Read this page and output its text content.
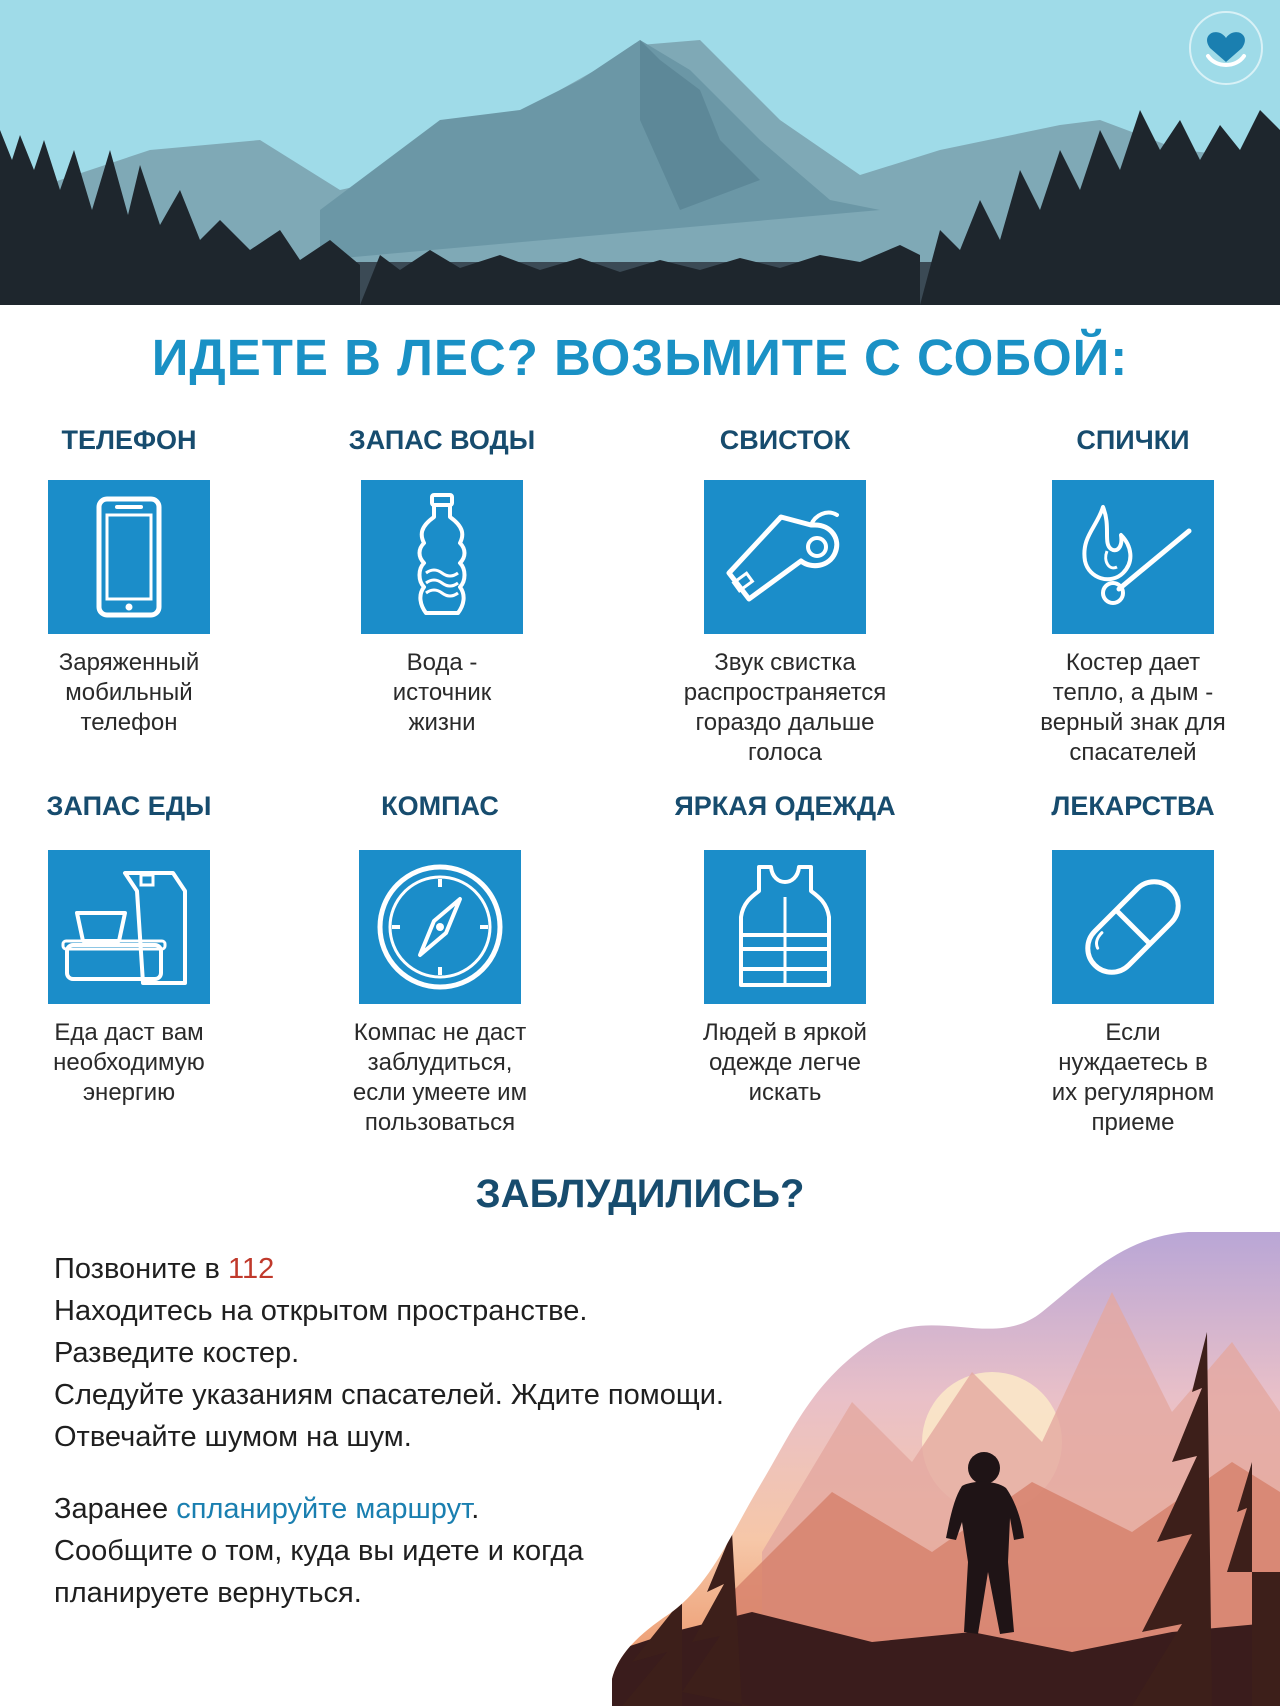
ИДЕТЕ В ЛЕС? ВОЗЬМИТЕ С СОБОЙ:
ТЕЛЕФОН
Заряженный
мобильный
телефон
ЗАПАС ВОДЫ
Вода -
источник
жизни
СВИСТОК
Звук свистка
распространяется
гораздо дальше
голоса
СПИЧКИ
Костер дает
тепло, а дым -
верный знак для
спасателей
ЗАПАС ЕДЫ
Еда даст вам
необходимую
энергию
КОМПАС
Компас не даст
заблудиться,
если умеете им
пользоваться
ЯРКАЯ ОДЕЖДА
Людей в яркой
одежде легче
искать
ЛЕКАРСТВА
Если
нуждаетесь в
их регулярном
приеме
ЗАБЛУДИЛИСЬ?
Позвоните в 112
Находитесь на открытом пространстве.
Разведите костер.
Следуйте указаниям спасателей. Ждите помощи.
Отвечайте шумом на шум.

Заранее спланируйте маршрут.

Сообщите о том, куда вы идете и когда

планируете вернуться.
